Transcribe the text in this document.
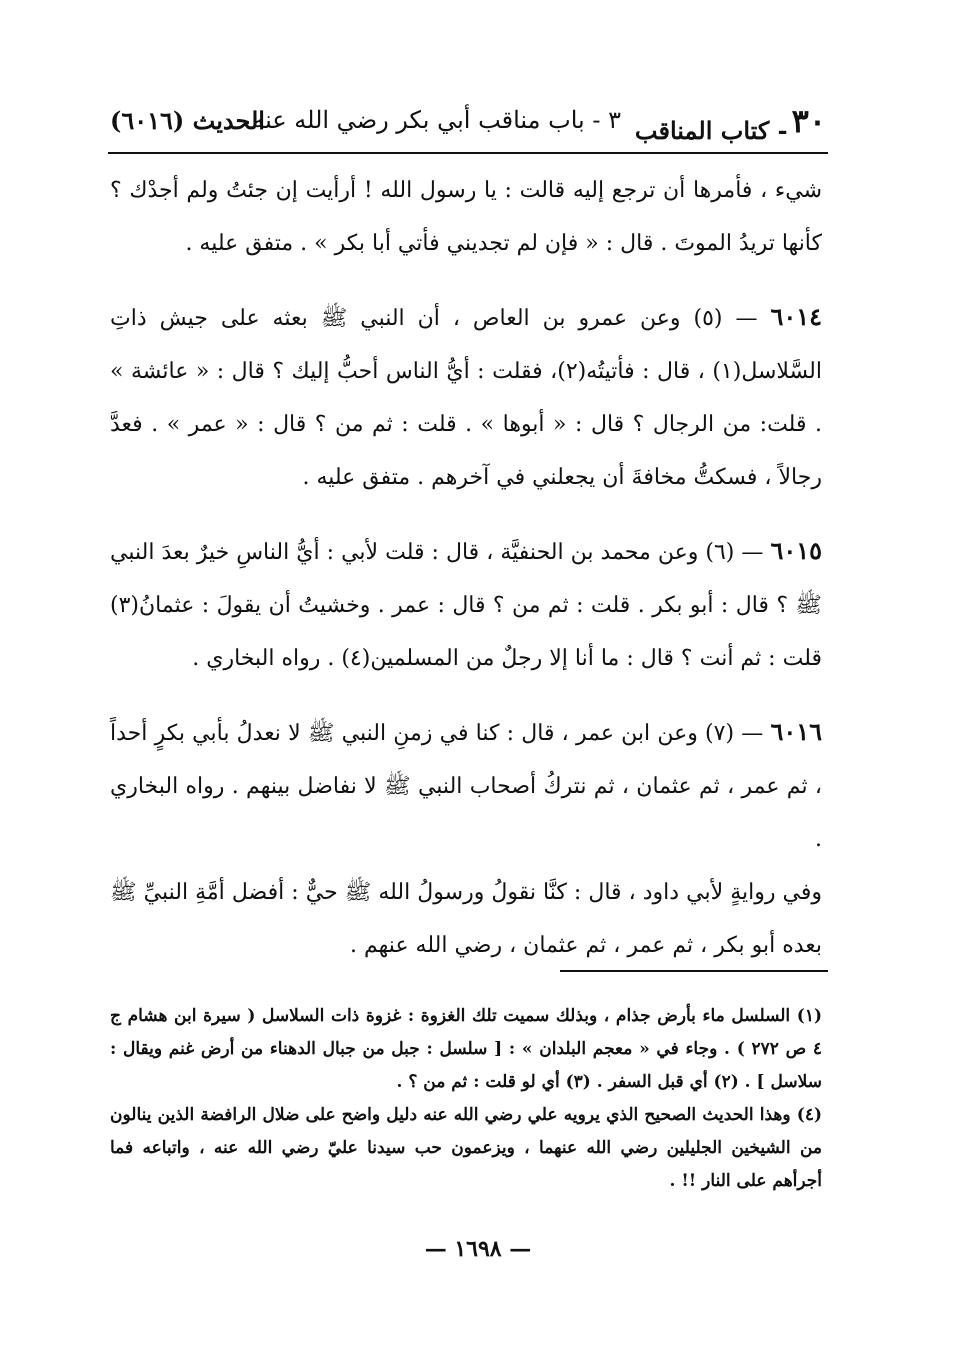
٣٠
- كتاب المناقب
٣ - باب مناقب أبي بكر رضي الله عنه
الحديث (٦٠١٦)

شيء ، فأمرها أن ترجع إليه قالت : يا رسول الله ! أرأيت إن جئتُ ولم أجدْك ؟ كأنها تريدُ الموتَ . قال : « فإن لم تجديني فأتي أبا بكر » . متفق عليه .

٦٠١٤ — (٥) وعن عمرو بن العاص ، أن النبي ﷺ بعثه على جيش ذاتِ السَّلاسل(١) ، قال : فأتيتُه(٢)، فقلت : أيُّ الناس أحبُّ إليك ؟ قال : « عائشة » . قلت: من الرجال ؟ قال : « أبوها » . قلت : ثم من ؟ قال : « عمر » . فعدَّ رجالاً ، فسكتُّ مخافةَ أن يجعلني في آخرهم . متفق عليه .

٦٠١٥ — (٦) وعن محمد بن الحنفيَّة ، قال : قلت لأبي : أيُّ الناسِ خيرٌ بعدَ النبي ﷺ ؟ قال : أبو بكر . قلت : ثم من ؟ قال : عمر . وخشيتُ أن يقولَ : عثمانُ(٣) قلت : ثم أنت ؟ قال : ما أنا إلا رجلٌ من المسلمين(٤) . رواه البخاري .

٦٠١٦ — (٧) وعن ابن عمر ، قال : كنا في زمنِ النبي ﷺ لا نعدلُ بأبي بكرٍ أحداً ، ثم عمر ، ثم عثمان ، ثم نتركُ أصحاب النبي ﷺ لا نفاضل بينهم . رواه البخاري .

وفي روايةٍ لأبي داود ، قال : كنَّا نقولُ ورسولُ الله ﷺ حيٌّ : أفضل أمَّةِ النبيِّ ﷺ بعده أبو بكر ، ثم عمر ، ثم عثمان ، رضي الله عنهم .

(١) السلسل ماء بأرض جذام ، وبذلك سميت تلك الغزوة : غزوة ذات السلاسل ( سيرة ابن هشام ج ٤ ص ٢٧٢ ) . وجاء في « معجم البلدان » : [ سلسل : جبل من جبال الدهناء من أرض غنم ويقال : سلاسل ] . (٢) أي قبل السفر . (٣) أي لو قلت : ثم من ؟ .

(٤) وهذا الحديث الصحيح الذي يرويه علي رضي الله عنه دليل واضح على ضلال الرافضة الذين ينالون من الشيخين الجليلين رضي الله عنهما ، ويزعمون حب سيدنا عليّ رضي الله عنه ، واتباعه فما أجرأهم على النار !! .

— ١٦٩٨ —
